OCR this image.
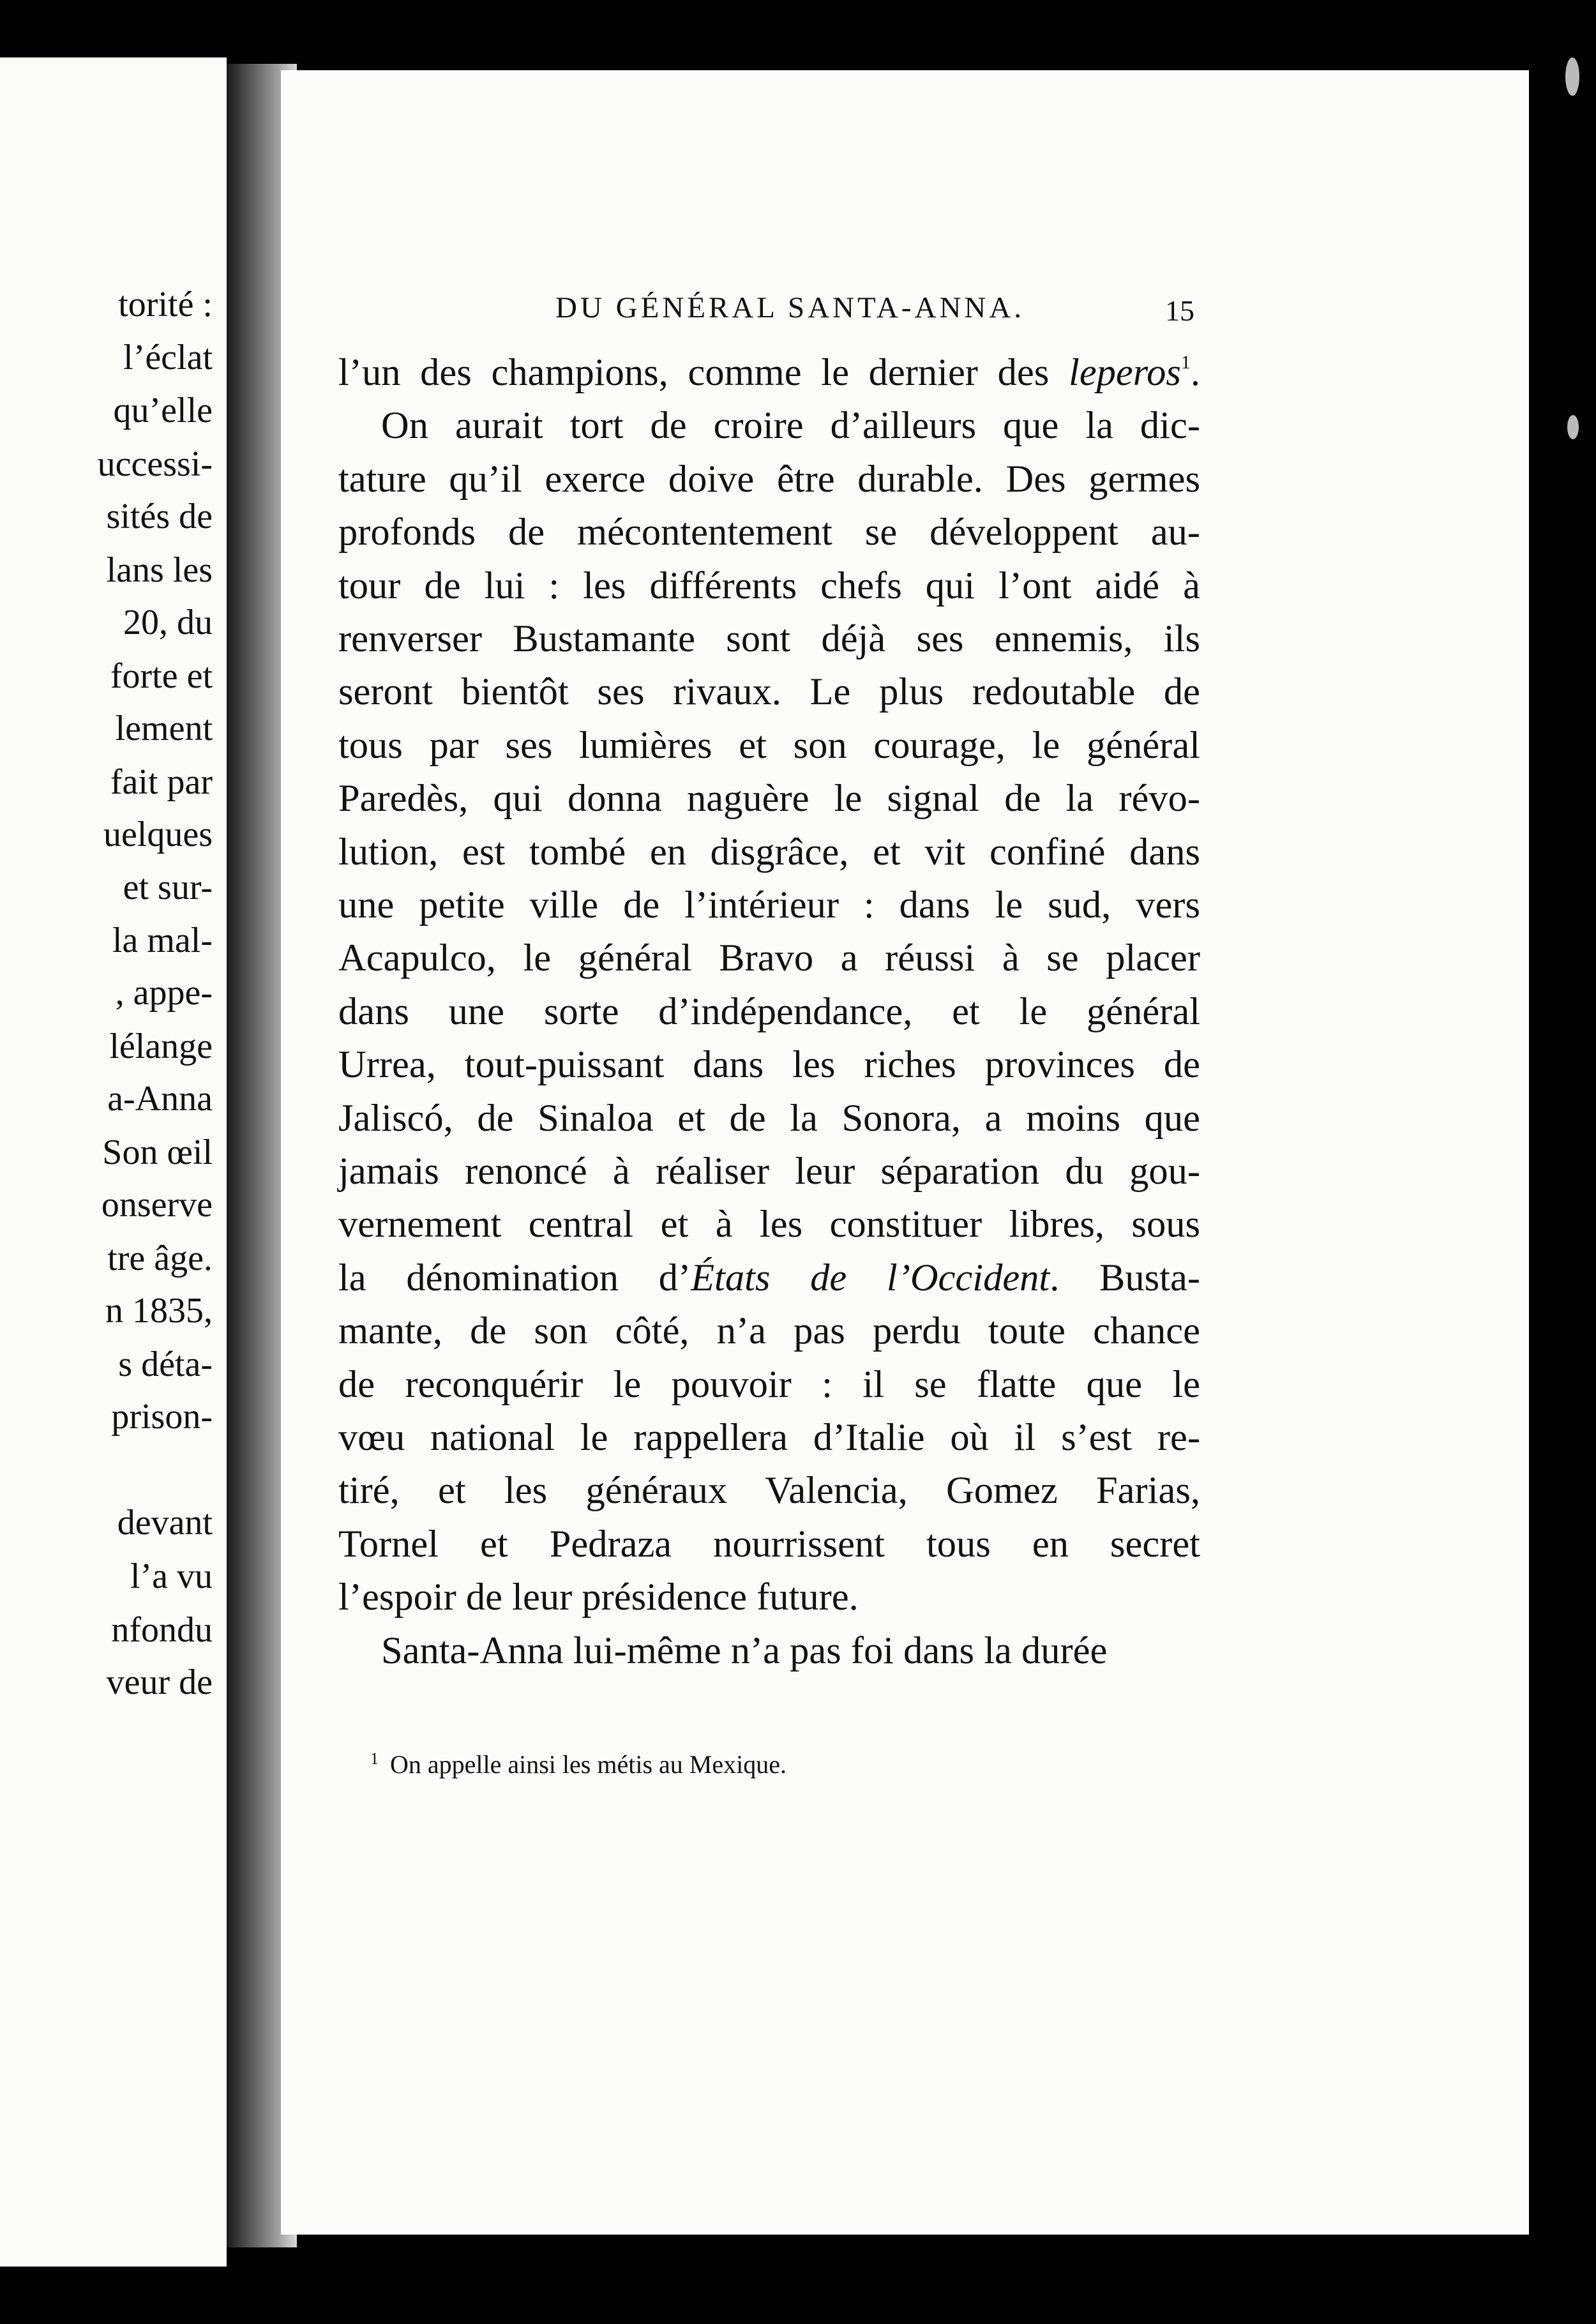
torité :

l’éclat

qu’elle

uccessi-

sités de

lans les

20, du

forte et

lement

fait par

uelques

et sur-

la mal-

, appe-

lélange

a-Anna

Son œil

onserve

tre âge.

n 1835,

s déta-

prison-

devant

l’a vu

nfondu

veur de

DU GÉNÉRAL SANTA-ANNA.	15

l’un des champions, comme le dernier des leperos$^1$.

On aurait tort de croire d’ailleurs que la dic-

tature qu’il exerce doive être durable. Des germes

profonds de mécontentement se développent au-

tour de lui : les différents chefs qui l’ont aidé à

renverser Bustamante sont déjà ses ennemis, ils

seront bientôt ses rivaux. Le plus redoutable de

tous par ses lumières et son courage, le général

Paredès, qui donna naguère le signal de la révo-

lution, est tombé en disgrâce, et vit confiné dans

une petite ville de l’intérieur : dans le sud, vers

Acapulco, le général Bravo a réussi à se placer

dans une sorte d’indépendance, et le général

Urrea, tout-puissant dans les riches provinces de

Jaliscó, de Sinaloa et de la Sonora, a moins que

jamais renoncé à réaliser leur séparation du gou-

vernement central et à les constituer libres, sous

la dénomination d’États de l’Occident. Busta-

mante, de son côté, n’a pas perdu toute chance

de reconquérir le pouvoir : il se flatte que le

vœu national le rappellera d’Italie où il s’est re-

tiré, et les généraux Valencia, Gomez Farias,

Tornel et Pedraza nourrissent tous en secret

l’espoir de leur présidence future.

Santa-Anna lui-même n’a pas foi dans la durée

$^1$ On appelle ainsi les métis au Mexique.
